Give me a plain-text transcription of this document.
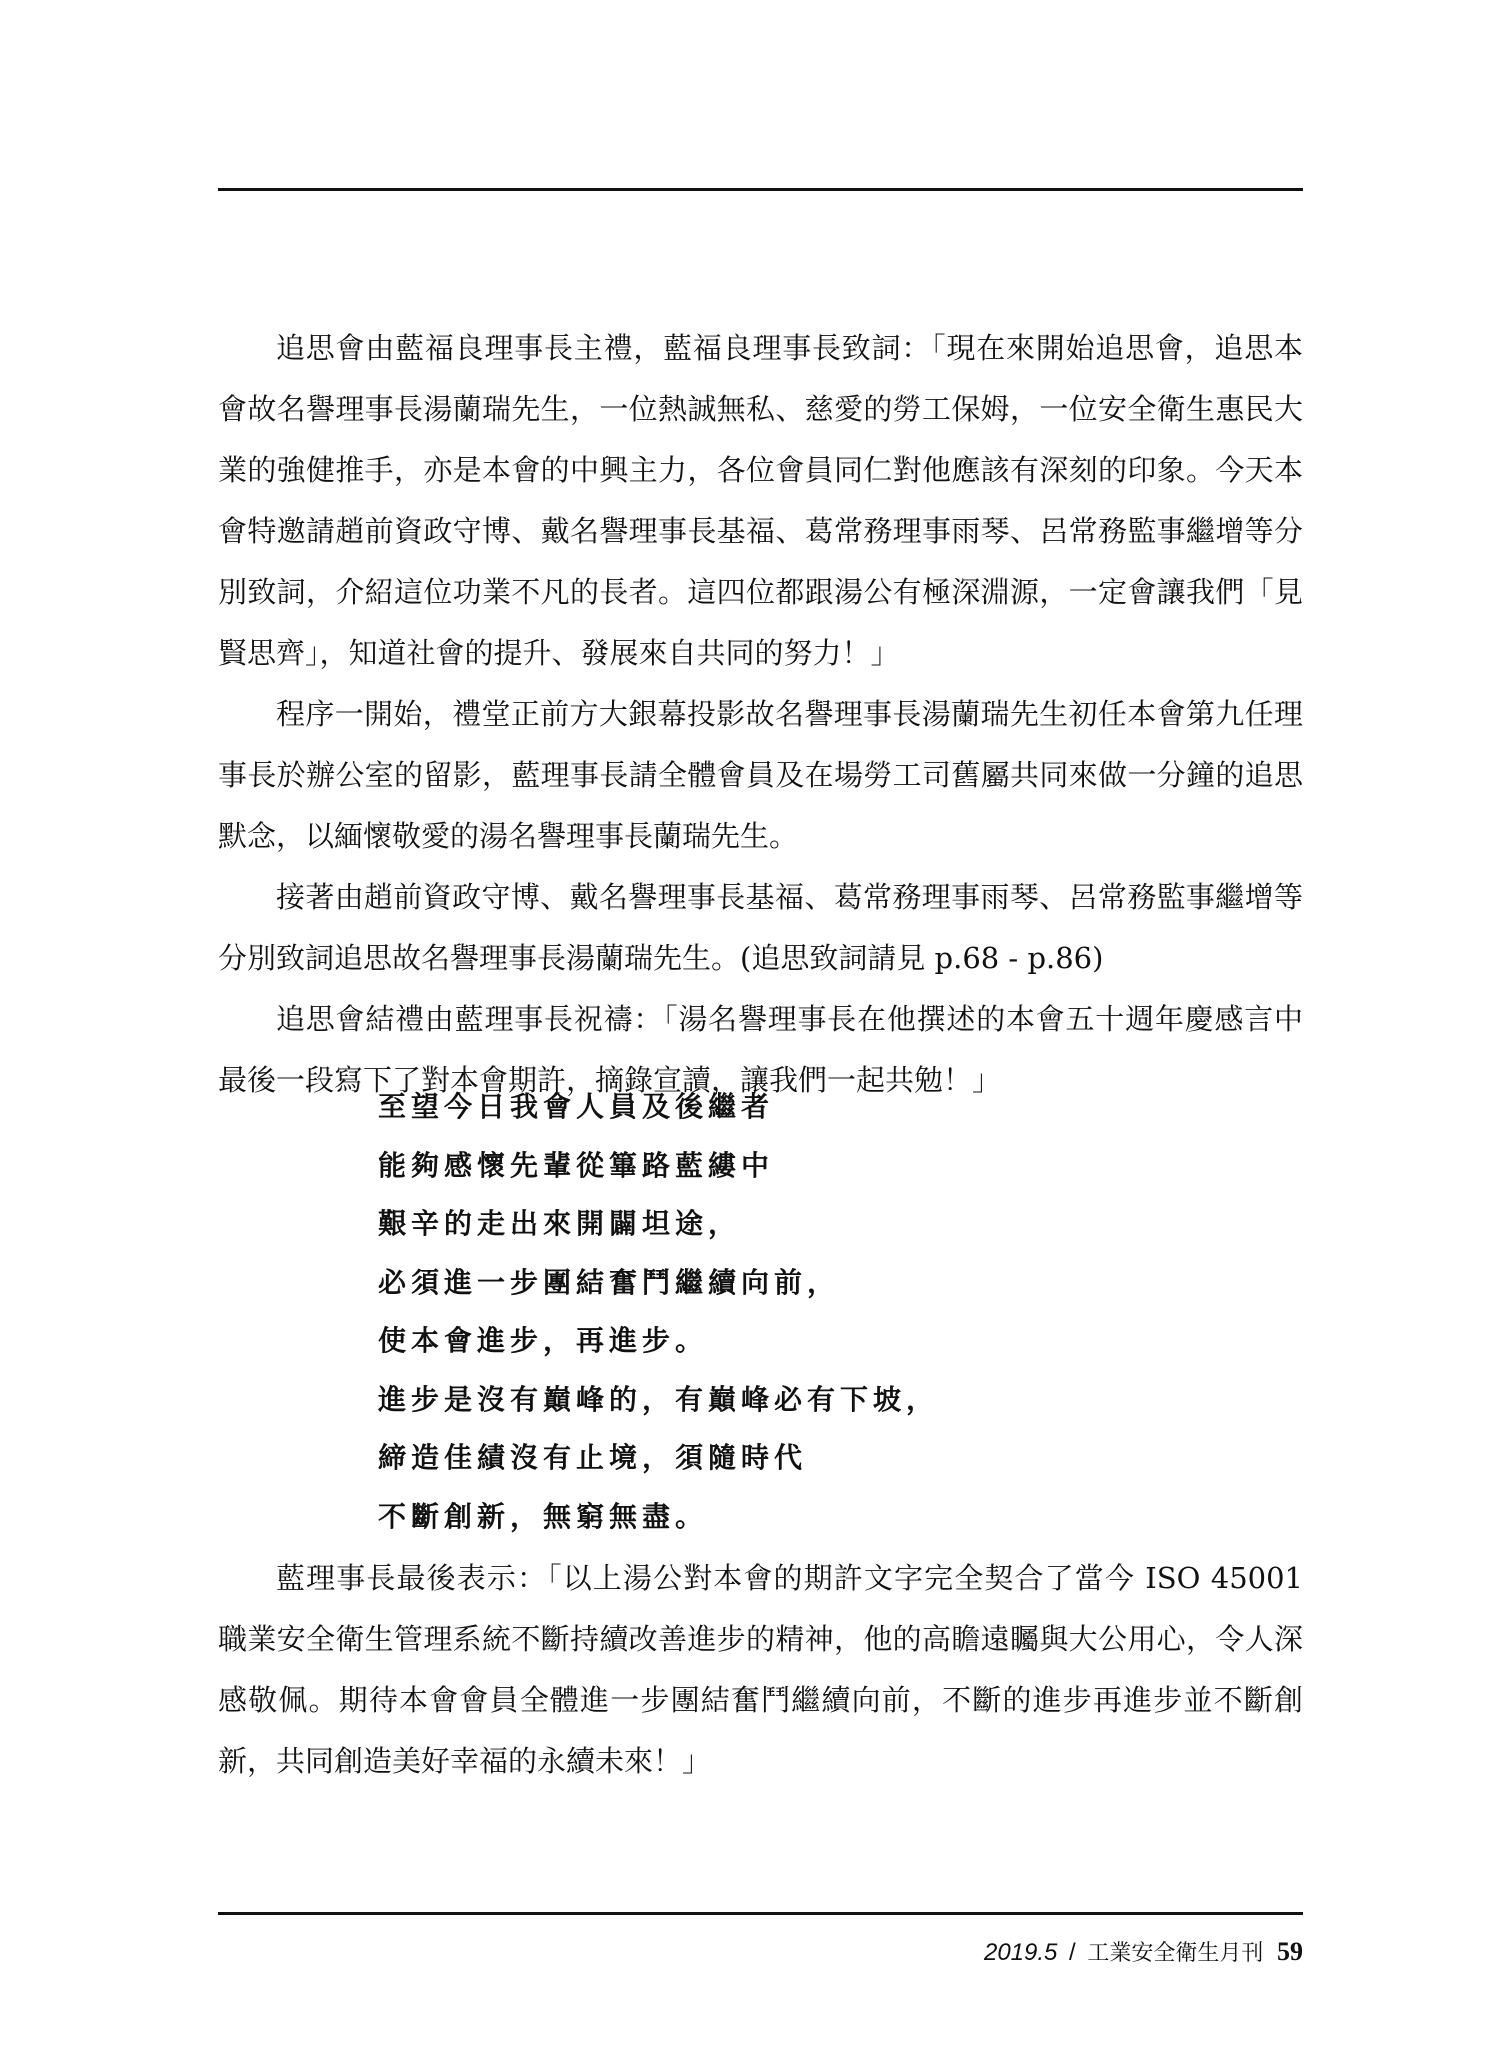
追思會由藍福良理事長主禮，藍福良理事長致詞：「現在來開始追思會，追思本會故名譽理事長湯蘭瑞先生，一位熱誠無私、慈愛的勞工保姆，一位安全衛生惠民大業的強健推手，亦是本會的中興主力，各位會員同仁對他應該有深刻的印象。今天本會特邀請趙前資政守博、戴名譽理事長基福、葛常務理事雨琴、呂常務監事繼增等分別致詞，介紹這位功業不凡的長者。這四位都跟湯公有極深淵源，一定會讓我們「見賢思齊」，知道社會的提升、發展來自共同的努力！」

程序一開始，禮堂正前方大銀幕投影故名譽理事長湯蘭瑞先生初任本會第九任理事長於辦公室的留影，藍理事長請全體會員及在場勞工司舊屬共同來做一分鐘的追思默念，以緬懷敬愛的湯名譽理事長蘭瑞先生。

接著由趙前資政守博、戴名譽理事長基福、葛常務理事雨琴、呂常務監事繼增等分別致詞追思故名譽理事長湯蘭瑞先生。(追思致詞請見 p.68 - p.86)

追思會結禮由藍理事長祝禱：「湯名譽理事長在他撰述的本會五十週年慶感言中最後一段寫下了對本會期許，摘錄宣讀，讓我們一起共勉！」

至望今日我會人員及後繼者
能夠感懷先輩從篳路藍縷中
艱辛的走出來開闢坦途，
必須進一步團結奮鬥繼續向前，
使本會進步，再進步。
進步是沒有巔峰的，有巔峰必有下坡，
締造佳績沒有止境，須隨時代
不斷創新，無窮無盡。

藍理事長最後表示：「以上湯公對本會的期許文字完全契合了當今 ISO 45001 職業安全衛生管理系統不斷持續改善進步的精神，他的高瞻遠矚與大公用心，令人深感敬佩。期待本會會員全體進一步團結奮鬥繼續向前，不斷的進步再進步並不斷創新，共同創造美好幸福的永續未來！」

2019.5 / 工業安全衛生月刊 59
